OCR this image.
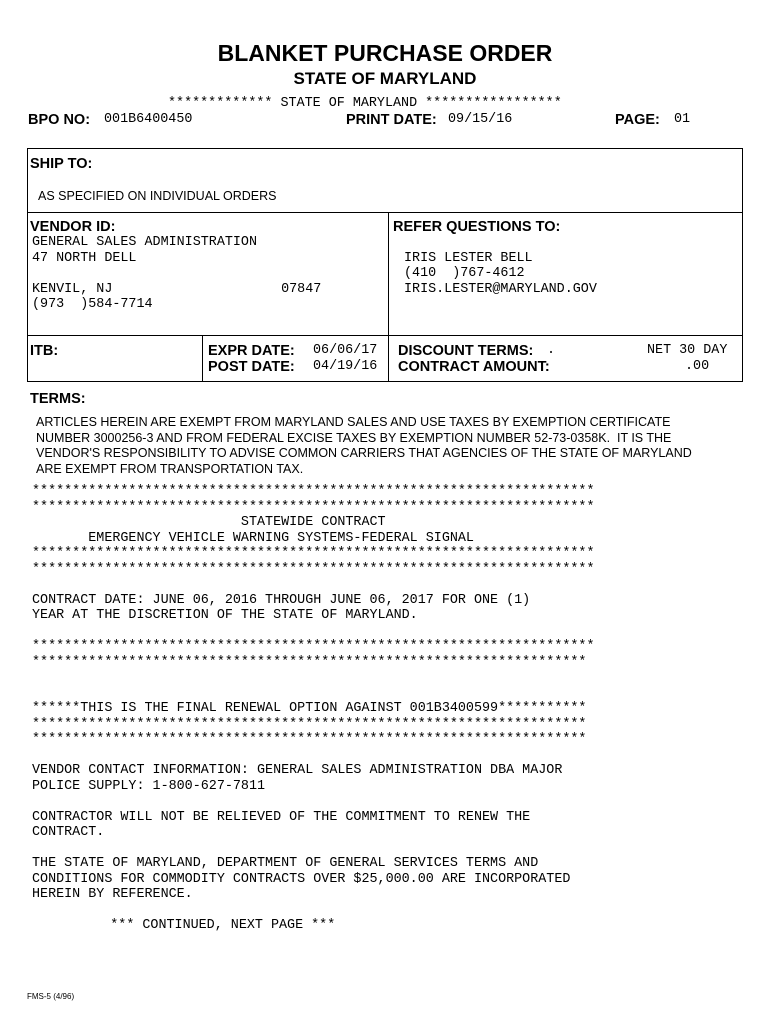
BLANKET PURCHASE ORDER
STATE OF MARYLAND
************* STATE OF MARYLAND *****************
BPO NO: 001B6400450	PRINT DATE: 09/15/16	PAGE: 01
SHIP TO:
AS SPECIFIED ON INDIVIDUAL ORDERS
VENDOR ID:
GENERAL SALES ADMINISTRATION
47 NORTH DELL
KENVIL, NJ                     07847
(973  )584-7714
REFER QUESTIONS TO:
IRIS LESTER BELL
(410  )767-4612
IRIS.LESTER@MARYLAND.GOV
ITB:	EXPR DATE: 06/06/17
POST DATE: 04/19/16
DISCOUNT TERMS: .	NET 30 DAY
CONTRACT AMOUNT:	.00
TERMS:
ARTICLES HEREIN ARE EXEMPT FROM MARYLAND SALES AND USE TAXES BY EXEMPTION CERTIFICATE
NUMBER 3000256-3 AND FROM FEDERAL EXCISE TAXES BY EXEMPTION NUMBER 52-73-0358K.  IT IS THE
VENDOR'S RESPONSIBILITY TO ADVISE COMMON CARRIERS THAT AGENCIES OF THE STATE OF MARYLAND
ARE EXEMPT FROM TRANSPORTATION TAX.
**********************************************************************
**********************************************************************
STATEWIDE CONTRACT
EMERGENCY VEHICLE WARNING SYSTEMS-FEDERAL SIGNAL
**********************************************************************
**********************************************************************
CONTRACT DATE: JUNE 06, 2016 THROUGH JUNE 06, 2017 FOR ONE (1)
YEAR AT THE DISCRETION OF THE STATE OF MARYLAND.
**********************************************************************
*********************************************************************
******THIS IS THE FINAL RENEWAL OPTION AGAINST 001B3400599***********
*********************************************************************
*********************************************************************
VENDOR CONTACT INFORMATION: GENERAL SALES ADMINISTRATION DBA MAJOR
POLICE SUPPLY: 1-800-627-7811
CONTRACTOR WILL NOT BE RELIEVED OF THE COMMITMENT TO RENEW THE
CONTRACT.
THE STATE OF MARYLAND, DEPARTMENT OF GENERAL SERVICES TERMS AND
CONDITIONS FOR COMMODITY CONTRACTS OVER $25,000.00 ARE INCORPORATED
HEREIN BY REFERENCE.
*** CONTINUED, NEXT PAGE ***
FMS-5 (4/96)
